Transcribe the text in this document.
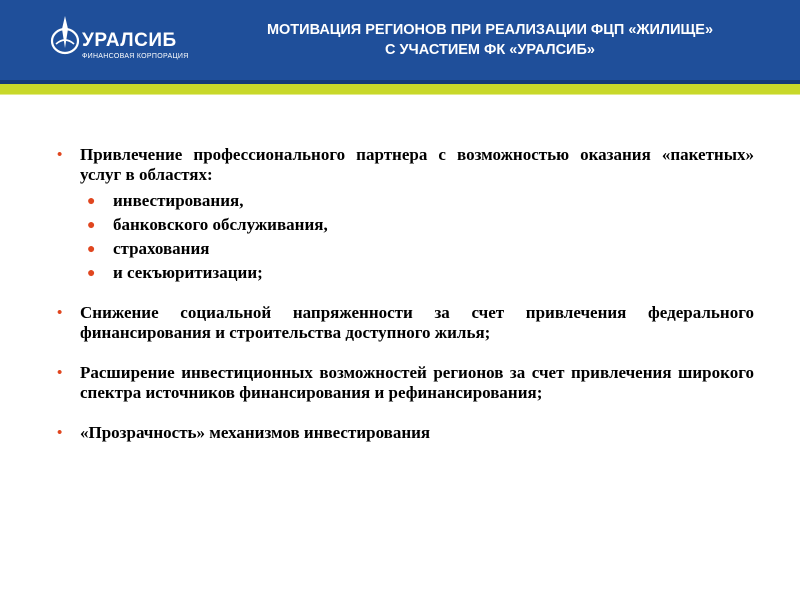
УРАЛСИБ
ФИНАНСОВАЯ КОРПОРАЦИЯ
МОТИВАЦИЯ РЕГИОНОВ ПРИ РЕАЛИЗАЦИИ ФЦП «ЖИЛИЩЕ»
С УЧАСТИЕМ ФК «УРАЛСИБ»
• Привлечение профессионального партнера с возможностью оказания «пакетных» услуг в областях:
● инвестирования,
● банковского обслуживания,
● страхования
● и секъюритизации;
• Снижение социальной напряженности за счет привлечения федерального финансирования и строительства доступного жилья;
• Расширение инвестиционных возможностей регионов за счет привлечения широкого спектра источников финансирования и рефинансирования;
• «Прозрачность» механизмов инвестирования
